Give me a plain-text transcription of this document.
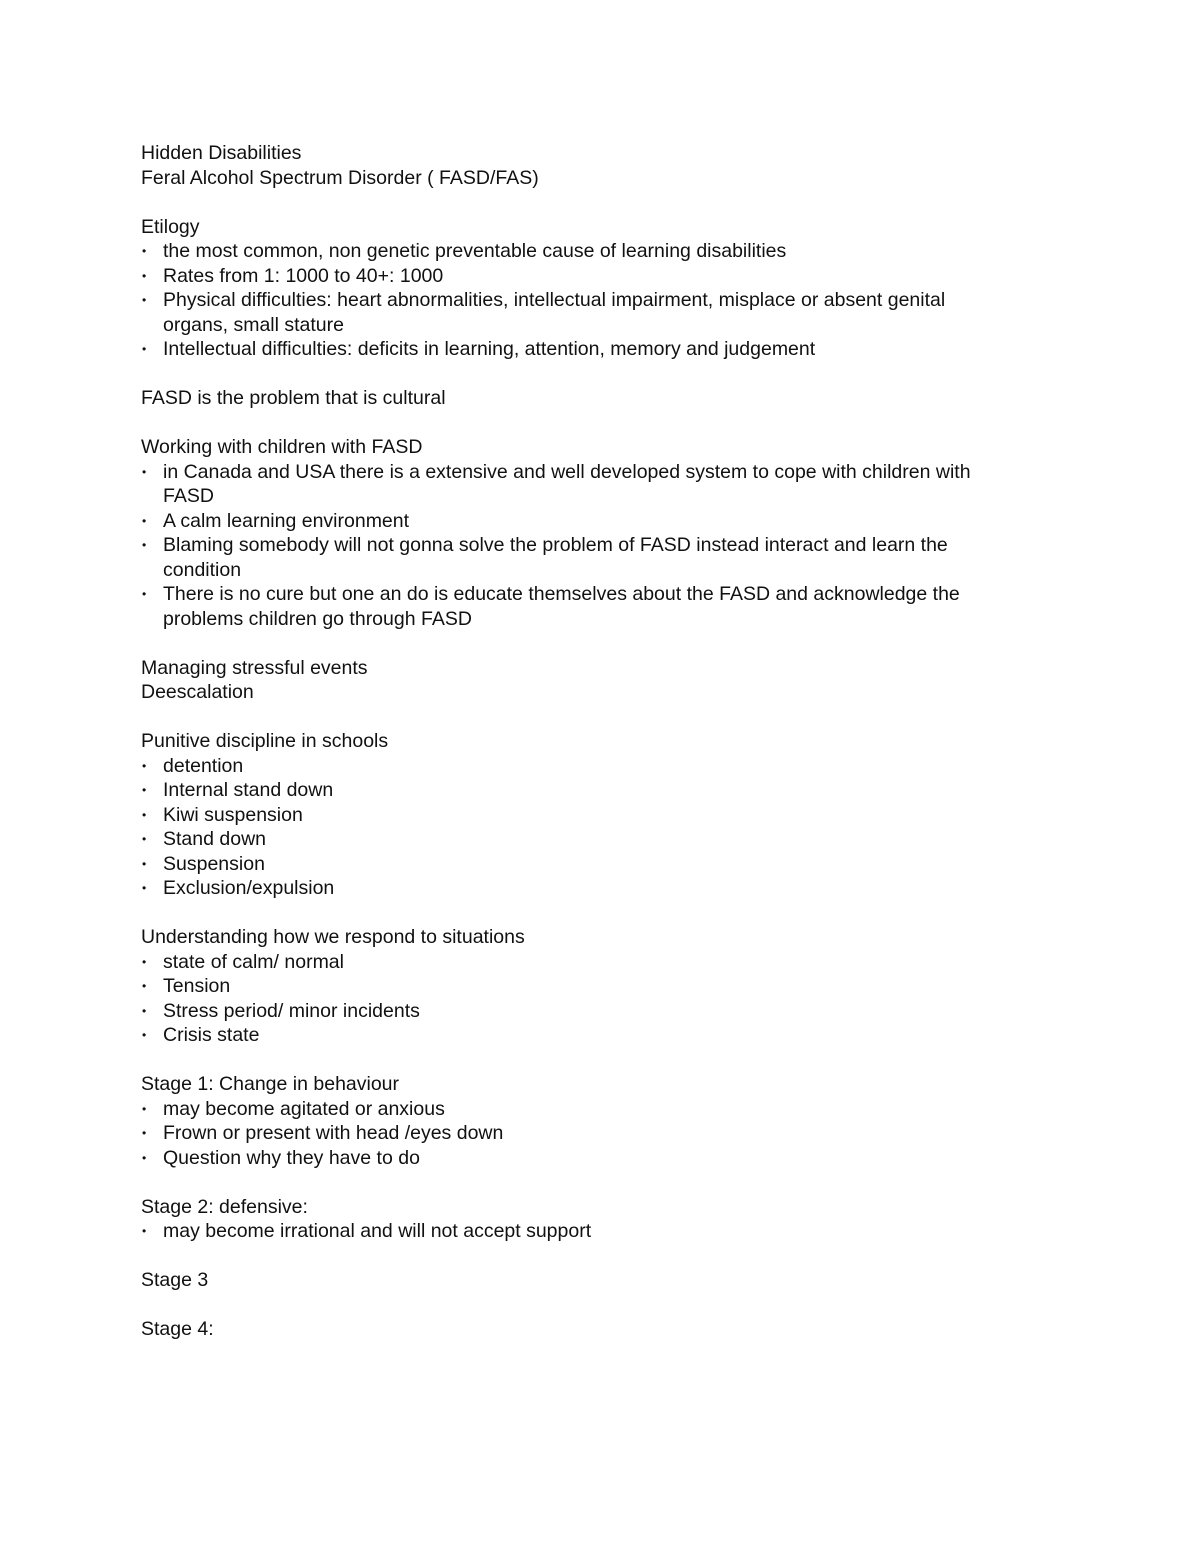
Hidden Disabilities

Feral Alcohol Spectrum Disorder ( FASD/FAS)

Etilogy

• the most common, non genetic preventable cause of learning disabilities
• Rates from 1: 1000 to 40+: 1000
• Physical difficulties: heart abnormalities, intellectual impairment, misplace or absent genital
organs, small stature
• Intellectual difficulties: deficits in learning, attention, memory and judgement

FASD is the problem that is cultural

Working with children with FASD

• in Canada and USA there is a extensive and well developed system to cope with children with
FASD
• A calm learning environment
• Blaming somebody will not gonna solve the problem of FASD instead interact and learn the
condition
• There is no cure but one an do is educate themselves about the FASD and acknowledge the
problems children go through FASD

Managing stressful events

Deescalation

Punitive discipline in schools

• detention
• Internal stand down
• Kiwi suspension
• Stand down
• Suspension
• Exclusion/expulsion

Understanding how we respond to situations

• state of calm/ normal
• Tension
• Stress period/ minor incidents
• Crisis state

Stage 1: Change in behaviour

• may become agitated or anxious
• Frown or present with head /eyes down
• Question why they have to do

Stage 2: defensive:

• may become irrational and will not accept support

Stage 3

Stage 4:
